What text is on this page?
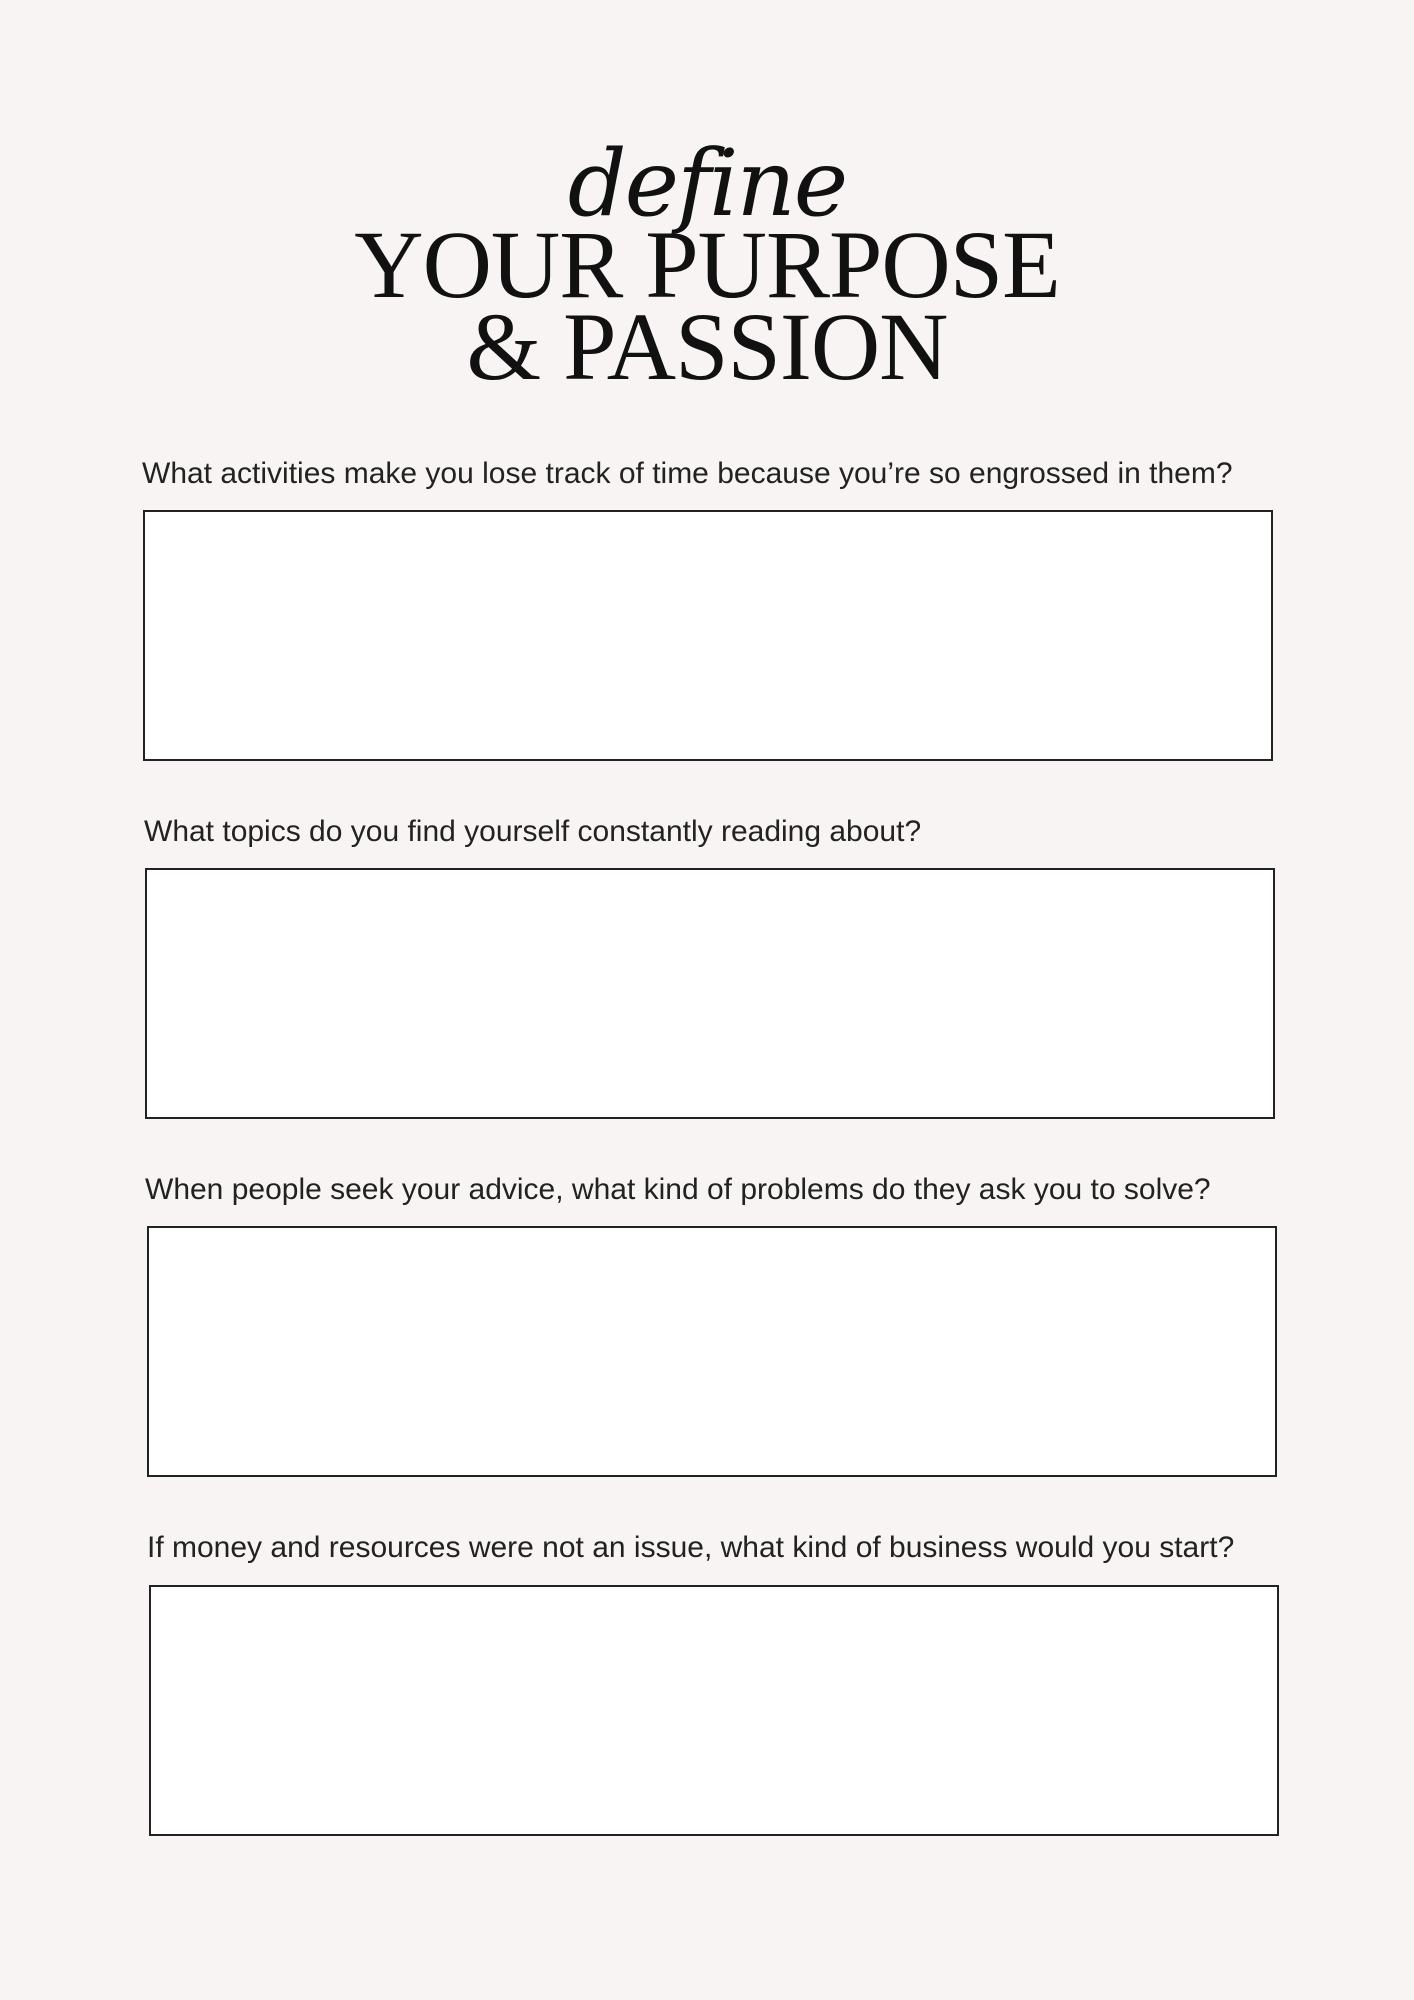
define
YOUR PURPOSE
& PASSION

What activities make you lose track of time because you’re so engrossed in them?

What topics do you find yourself constantly reading about?

When people seek your advice, what kind of problems do they ask you to solve?

If money and resources were not an issue, what kind of business would you start?
